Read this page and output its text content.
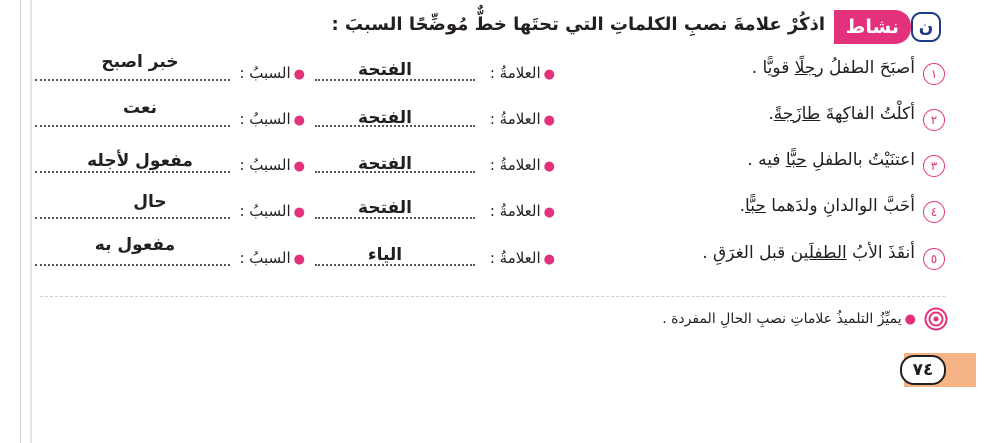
نشاط	ن
اذكُرْ علامةَ نصبِ الكلماتِ التي تحتَها خطٌّ مُوضِّحًا السببَ :
١
أصبَحَ الطفلُ رجلًا قويًّا .
●العلامةُ :
الفتحة
●السببُ :
خبر اصبح
٢
أكلْتُ الفاكِهةَ طازَجةً.
●العلامةُ :
الفتحة
●السببُ :
نعت
٣
اعتنَيْتُ بالطفلِ حبًّا فيه .
●العلامةُ :
الفتحة
●السببُ :
مفعول لأجله
٤
أحَبَّ الوالدانِ ولدَهما حبًّا.
●العلامةُ :
الفتحة
●السببُ :
حال
٥
أنقَذَ الأبُ الطفلَين قبل الغرَقِ .
●العلامةُ :
الياء
●السببُ :
مفعول به
●يميِّزُ التلميذُ علاماتِ نصبِ الحالِ المفردة .
٧٤
